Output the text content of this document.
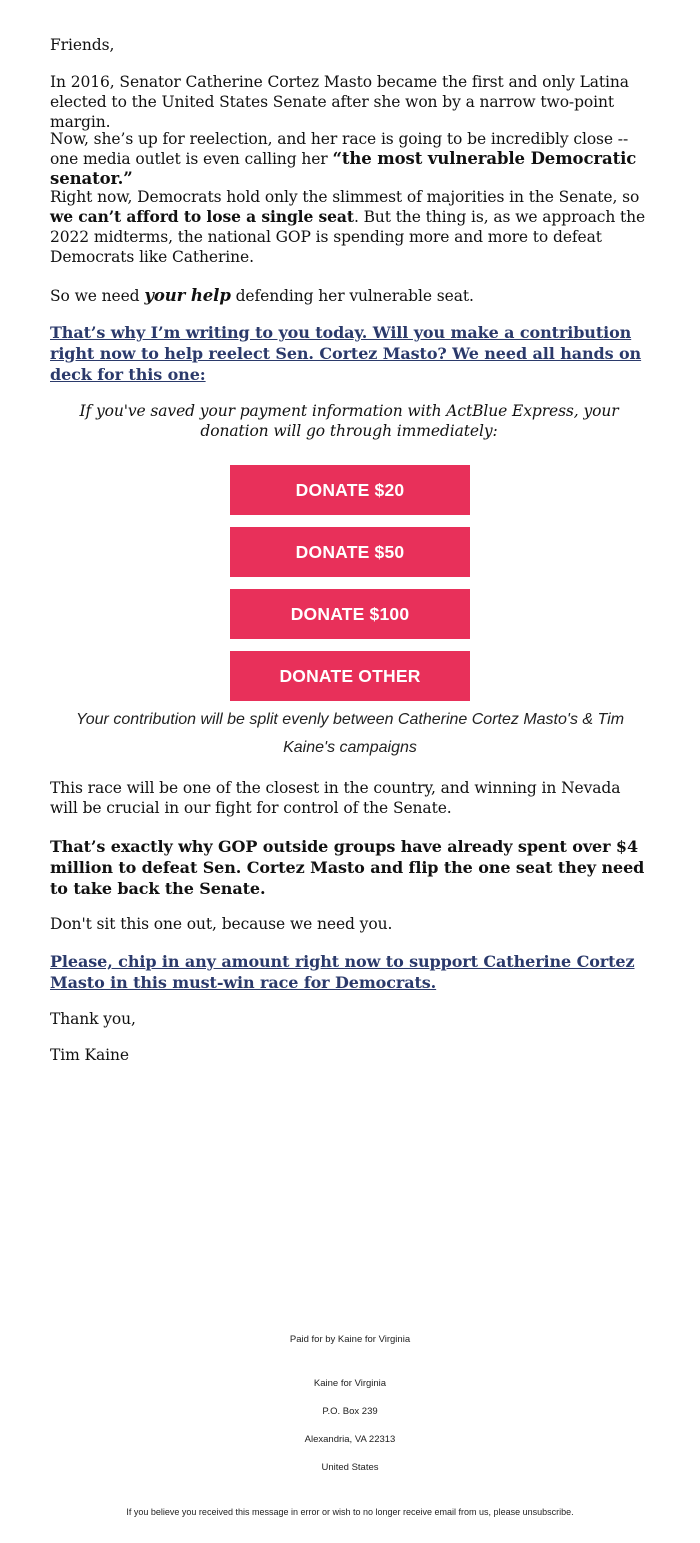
Friends,

In 2016, Senator Catherine Cortez Masto became the first and only Latina elected to the United States Senate after she won by a narrow two-point margin.

Now, she’s up for reelection, and her race is going to be incredibly close -- one media outlet is even calling her “the most vulnerable Democratic senator.”

Right now, Democrats hold only the slimmest of majorities in the Senate, so we can’t afford to lose a single seat. But the thing is, as we approach the 2022 midterms, the national GOP is spending more and more to defeat Democrats like Catherine.

So we need your help defending her vulnerable seat.

That’s why I’m writing to you today. Will you make a contribution right now to help reelect Sen. Cortez Masto? We need all hands on deck for this one:

If you've saved your payment information with ActBlue Express, your donation will go through immediately:

DONATE $20
DONATE $50
DONATE $100
DONATE OTHER
Your contribution will be split evenly between Catherine Cortez Masto's & Tim
Kaine's campaigns

This race will be one of the closest in the country, and winning in Nevada will be crucial in our fight for control of the Senate.

That’s exactly why GOP outside groups have already spent over $4 million to defeat Sen. Cortez Masto and flip the one seat they need to take back the Senate.

Don't sit this one out, because we need you.

Please, chip in any amount right now to support Catherine Cortez Masto in this must-win race for Democrats.

Thank you,

Tim Kaine

Paid for by Kaine for Virginia
Kaine for Virginia
P.O. Box 239
Alexandria, VA 22313
United States
If you believe you received this message in error or wish to no longer receive email from us, please unsubscribe.
